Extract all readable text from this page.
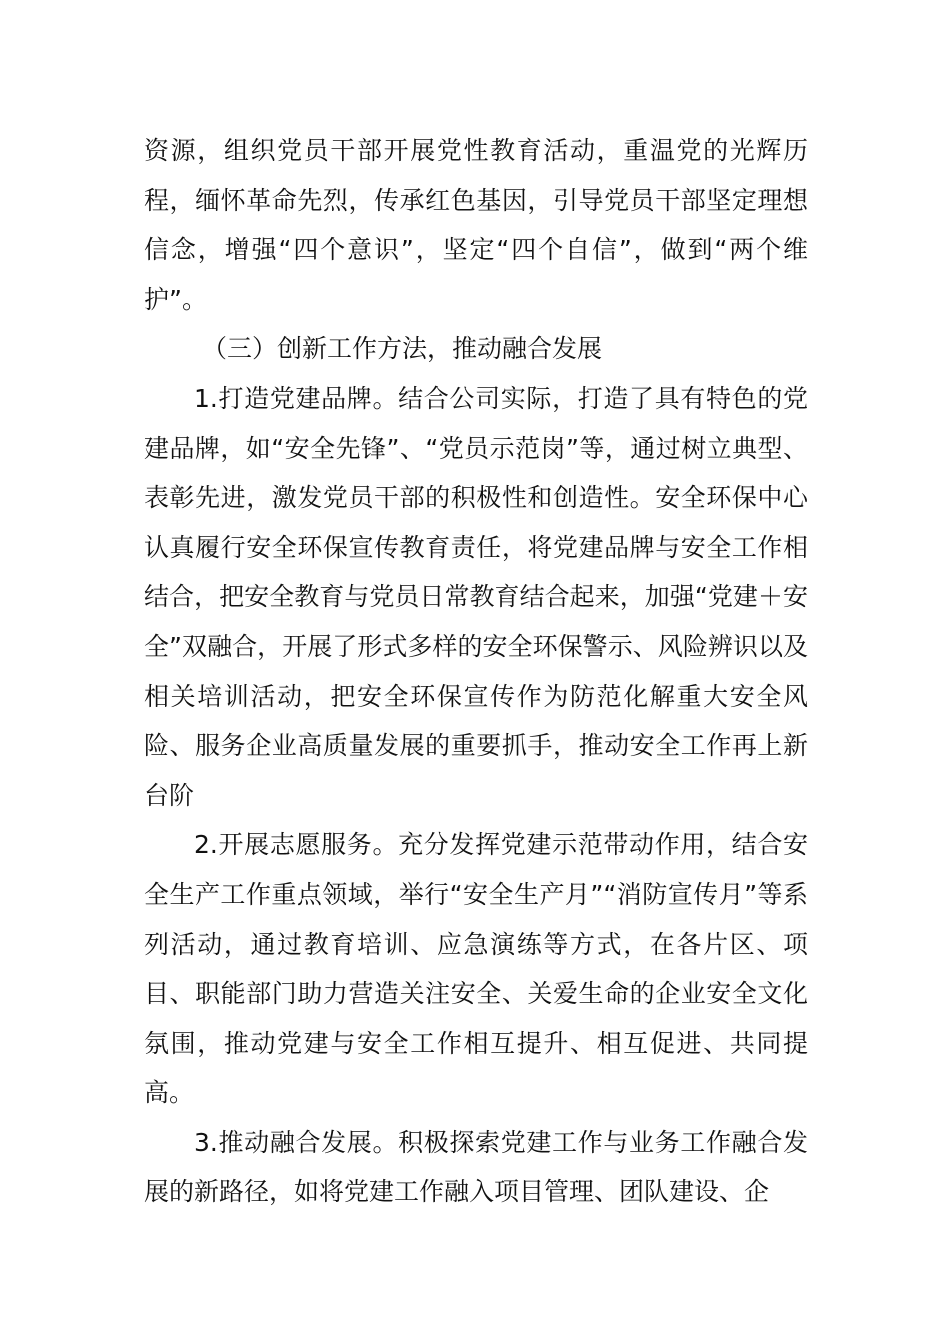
资源，组织党员干部开展党性教育活动，重温党的光辉历程，缅怀革命先烈，传承红色基因，引导党员干部坚定理想信念，增强“四个意识”，坚定“四个自信”，做到“两个维护”。

（三）创新工作方法，推动融合发展

1.打造党建品牌。结合公司实际，打造了具有特色的党建品牌，如“安全先锋”、“党员示范岗”等，通过树立典型、表彰先进，激发党员干部的积极性和创造性。安全环保中心认真履行安全环保宣传教育责任，将党建品牌与安全工作相结合，把安全教育与党员日常教育结合起来，加强“党建＋安全”双融合，开展了形式多样的安全环保警示、风险辨识以及相关培训活动，把安全环保宣传作为防范化解重大安全风险、服务企业高质量发展的重要抓手，推动安全工作再上新台阶

2.开展志愿服务。充分发挥党建示范带动作用，结合安全生产工作重点领域，举行“安全生产月”“消防宣传月”等系列活动，通过教育培训、应急演练等方式，在各片区、项目、职能部门助力营造关注安全、关爱生命的企业安全文化氛围，推动党建与安全工作相互提升、相互促进、共同提高。

3.推动融合发展。积极探索党建工作与业务工作融合发展的新路径，如将党建工作融入项目管理、团队建设、企
